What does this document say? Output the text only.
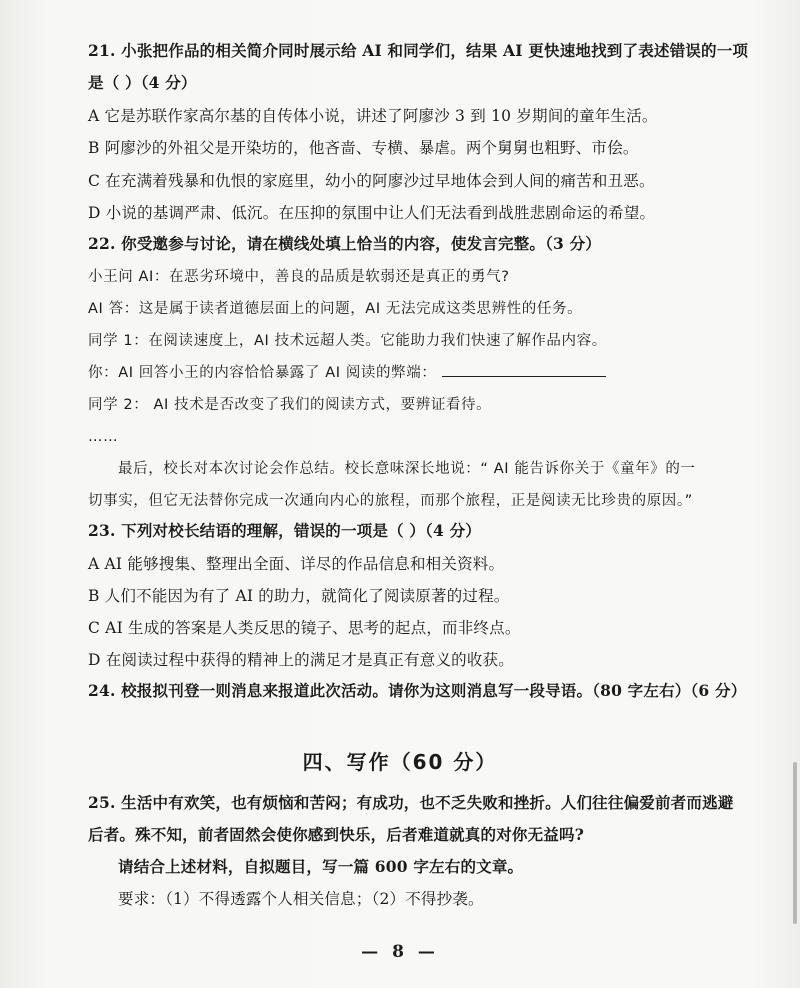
21. 小张把作品的相关简介同时展示给 AI 和同学们，结果 AI 更快速地找到了表述错误的一项
是（ ）（4 分）
A 它是苏联作家高尔基的自传体小说，讲述了阿廖沙 3 到 10 岁期间的童年生活。
B 阿廖沙的外祖父是开染坊的，他吝啬、专横、暴虐。两个舅舅也粗野、市侩。
C 在充满着残暴和仇恨的家庭里，幼小的阿廖沙过早地体会到人间的痛苦和丑恶。
D 小说的基调严肃、低沉。在压抑的氛围中让人们无法看到战胜悲剧命运的希望。
22. 你受邀参与讨论，请在横线处填上恰当的内容，使发言完整。（3 分）
小王问 AI：在恶劣环境中，善良的品质是软弱还是真正的勇气?
AI 答：这是属于读者道德层面上的问题，AI 无法完成这类思辨性的任务。
同学 1：在阅读速度上，AI 技术远超人类。它能助力我们快速了解作品内容。
你：AI 回答小王的内容恰恰暴露了 AI 阅读的弊端：
同学 2： AI 技术是否改变了我们的阅读方式，要辨证看待。
……
最后，校长对本次讨论会作总结。校长意味深长地说：“ AI 能告诉你关于《童年》的一
切事实，但它无法替你完成一次通向内心的旅程，而那个旅程，正是阅读无比珍贵的原因。”
23. 下列对校长结语的理解，错误的一项是（ ）（4 分）
A AI 能够搜集、整理出全面、详尽的作品信息和相关资料。
B 人们不能因为有了 AI 的助力，就简化了阅读原著的过程。
C AI 生成的答案是人类反思的镜子、思考的起点，而非终点。
D 在阅读过程中获得的精神上的满足才是真正有意义的收获。
24. 校报拟刊登一则消息来报道此次活动。请你为这则消息写一段导语。（80 字左右）（6 分）
四、写作（60 分）
25. 生活中有欢笑，也有烦恼和苦闷；有成功，也不乏失败和挫折。人们往往偏爱前者而逃避
后者。殊不知，前者固然会使你感到快乐，后者难道就真的对你无益吗?
请结合上述材料，自拟题目，写一篇 600 字左右的文章。
要求：（1）不得透露个人相关信息；（2）不得抄袭。
— 8 —
